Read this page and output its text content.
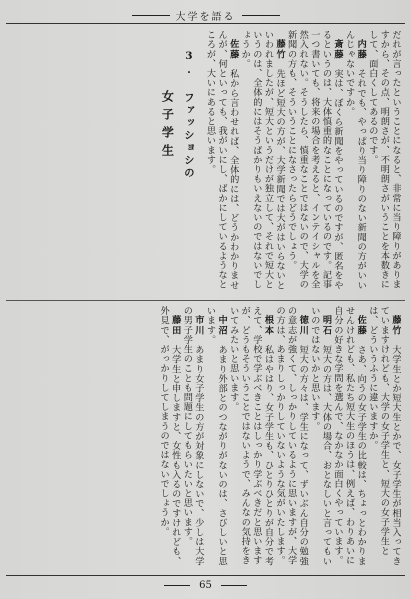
大学を語る

だれが言ったということになると、非常に当り障りがありますから、その点、明朗さが、不明朗さがいうことを本数きにして、面白くしてあるのです。

内藤　それでも、やっぱり当り障りのない新聞の方がいいんじゃないですか。

斎藤　実は、ぼくら新聞をやっているのですが、匿名をやるというのは、大体慎重的なことになっているのです。記事一つ書いても、将来の場合を考えると、インテイシャルを全然入れない。そうしたら、慎重なことではないので、大学の新聞の方も、そういうことになさったらどうでしょう。

藤竹　先ほど短大の方が、大学新聞では大がはいらないといわれましたが、短大というだけが独立して、それで短大というのは、全体的にはそうばかりもいえないのではないでしょうか。

佐藤　私から言わせれば、全体的には、どうかわかりませんが、何といっても、我がいにし、ばかにしているようなところが、大いにあると思います。

3. ファッショシの
女子学生

藤竹　大学生とか短大生とかで、女子学生が相当入ってきていますけれども、大学の女子学生と、短大の女子学生とは、どういうふうに違いますか。

佐藤　さあ、向うの女子学生の比較は、ちょっとわかりませんけれども、私たち短大生のほうは、例えば、わりあいに自分の好きな学問を選んで、なかなか面白くやっています。

明石　短大の方は、大体の場合、おとなしいと言ってもいいのではないかと思います。

徳川　短大の方々は、学生になって、ずいぶん自分の勉強の意志が強くて、しっかりしているように思いますが、大学の方は、あまりしっかりしていないような気がいたします。

根本　私はやはり、女子学生も、ひとりひとりが自分で考えて、学校で学ぶべきことはしっかり学ぶべきだと思いますが、どうもそういうことではないようで、みんなの気持をきいてみたいと思います。

中沼　あまり外部とのつながりがないのは、さびしいと思います。

市川　あまり女子学生の方が対象にしないで、少しは大学の男子学生のことも問題にしてもらいたいと思います。

藤田　大学生と申しますと、女性も入るのですけれども、外見で、がっかりしてしまうのではないでしょうか。

65
